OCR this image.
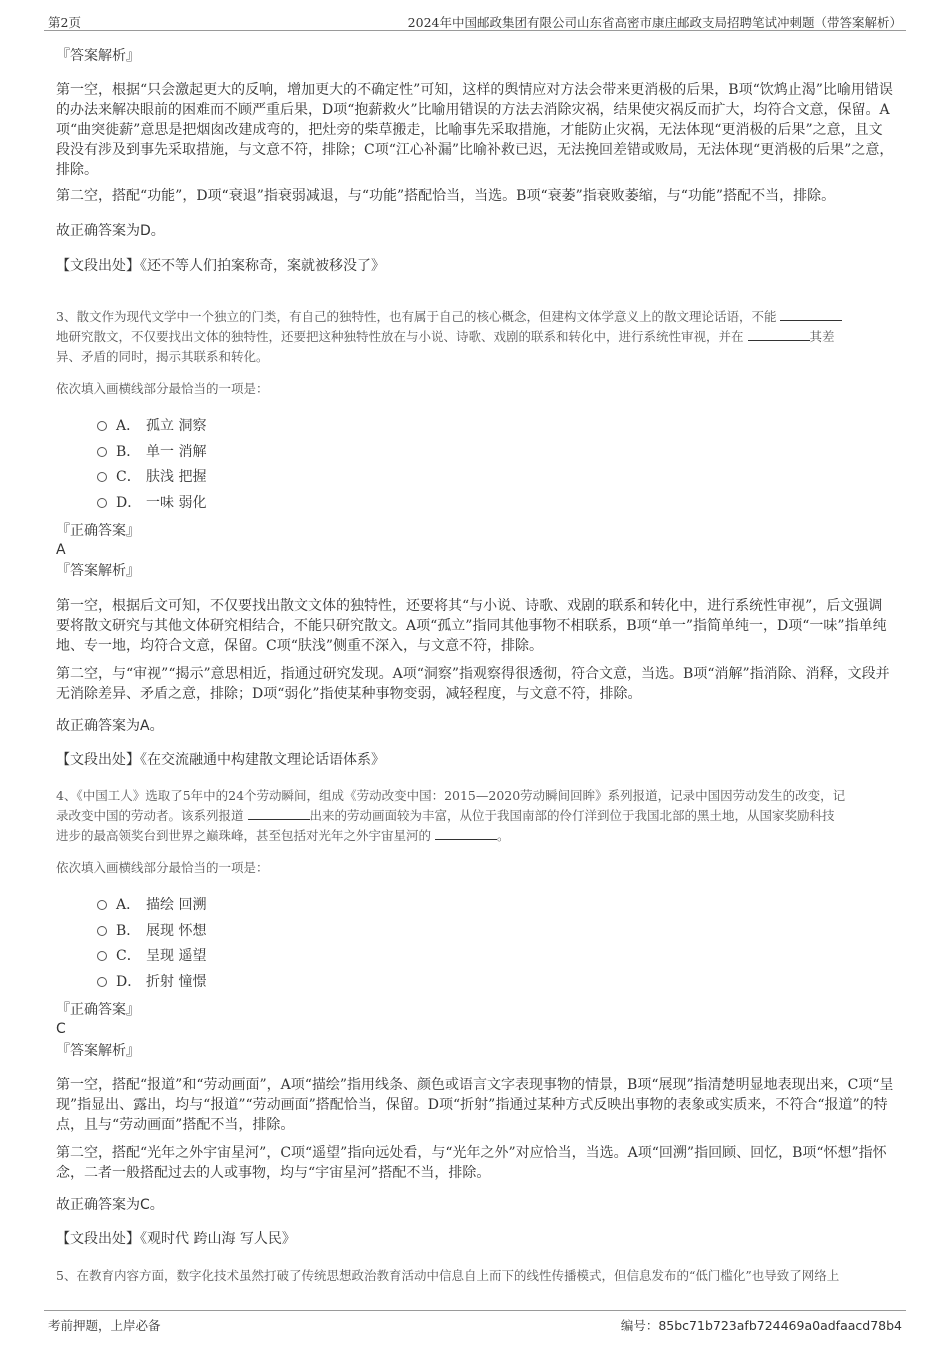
第2页	2024年中国邮政集团有限公司山东省高密市康庄邮政支局招聘笔试冲刺题（带答案解析）

『答案解析』

第一空，根据“只会激起更大的反响，增加更大的不确定性”可知，这样的舆情应对方法会带来更消极的后果，B项“饮鸩止渴”比喻用错误的办法来解决眼前的困难而不顾严重后果，D项“抱薪救火”比喻用错误的方法去消除灾祸，结果使灾祸反而扩大，均符合文意，保留。A项“曲突徙薪”意思是把烟囱改建成弯的，把灶旁的柴草搬走，比喻事先采取措施，才能防止灾祸，无法体现“更消极的后果”之意，且文段没有涉及到事先采取措施，与文意不符，排除；C项“江心补漏”比喻补救已迟，无法挽回差错或败局，无法体现“更消极的后果”之意，排除。

第二空，搭配“功能”，D项“衰退”指衰弱减退，与“功能”搭配恰当，当选。B项“衰萎”指衰败萎缩，与“功能”搭配不当，排除。

故正确答案为D。

【文段出处】《还不等人们拍案称奇，案就被移没了》

3、散文作为现代文学中一个独立的门类，有自己的独特性，也有属于自己的核心概念，但建构文体学意义上的散文理论话语，不能

地研究散文，不仅要找出文体的独特性，还要把这种独特性放在与小说、诗歌、戏剧的联系和转化中，进行系统性审视，并在	其差

异、矛盾的同时，揭示其联系和转化。

依次填入画横线部分最恰当的一项是：

A． 孤立 洞察
B． 单一 消解
C． 肤浅 把握
D． 一味 弱化

『正确答案』

A

『答案解析』

第一空，根据后文可知，不仅要找出散文文体的独特性，还要将其“与小说、诗歌、戏剧的联系和转化中，进行系统性审视”，后文强调要将散文研究与其他文体研究相结合，不能只研究散文。A项“孤立”指同其他事物不相联系，B项“单一”指简单纯一，D项“一味”指单纯地、专一地，均符合文意，保留。C项“肤浅”侧重不深入，与文意不符，排除。

第二空，与“审视”“揭示”意思相近，指通过研究发现。A项“洞察”指观察得很透彻，符合文意，当选。B项“消解”指消除、消释，文段并无消除差异、矛盾之意，排除；D项“弱化”指使某种事物变弱，减轻程度，与文意不符，排除。

故正确答案为A。

【文段出处】《在交流融通中构建散文理论话语体系》

4、《中国工人》选取了5年中的24个劳动瞬间，组成《劳动改变中国：2015—2020劳动瞬间回眸》系列报道，记录中国因劳动发生的改变，记

录改变中国的劳动者。该系列报道	出来的劳动画面较为丰富，从位于我国南部的伶仃洋到位于我国北部的黑土地，从国家奖励科技

进步的最高领奖台到世界之巅珠峰，甚至包括对光年之外宇宙星河的	。

依次填入画横线部分最恰当的一项是：

A． 描绘 回溯
B． 展现 怀想
C． 呈现 遥望
D． 折射 憧憬

『正确答案』

C

『答案解析』

第一空，搭配“报道”和“劳动画面”，A项“描绘”指用线条、颜色或语言文字表现事物的情景，B项“展现”指清楚明显地表现出来，C项“呈现”指显出、露出，均与“报道”“劳动画面”搭配恰当，保留。D项“折射”指通过某种方式反映出事物的表象或实质来，不符合“报道”的特点，且与“劳动画面”搭配不当，排除。

第二空，搭配“光年之外宇宙星河”，C项“遥望”指向远处看，与“光年之外”对应恰当，当选。A项“回溯”指回顾、回忆，B项“怀想”指怀念，二者一般搭配过去的人或事物，均与“宇宙星河”搭配不当，排除。

故正确答案为C。

【文段出处】《观时代 跨山海 写人民》

5、在教育内容方面，数字化技术虽然打破了传统思想政治教育活动中信息自上而下的线性传播模式，但信息发布的“低门槛化”也导致了网络上

考前押题，上岸必备	编号：85bc71b723afb724469a0adfaacd78b4
